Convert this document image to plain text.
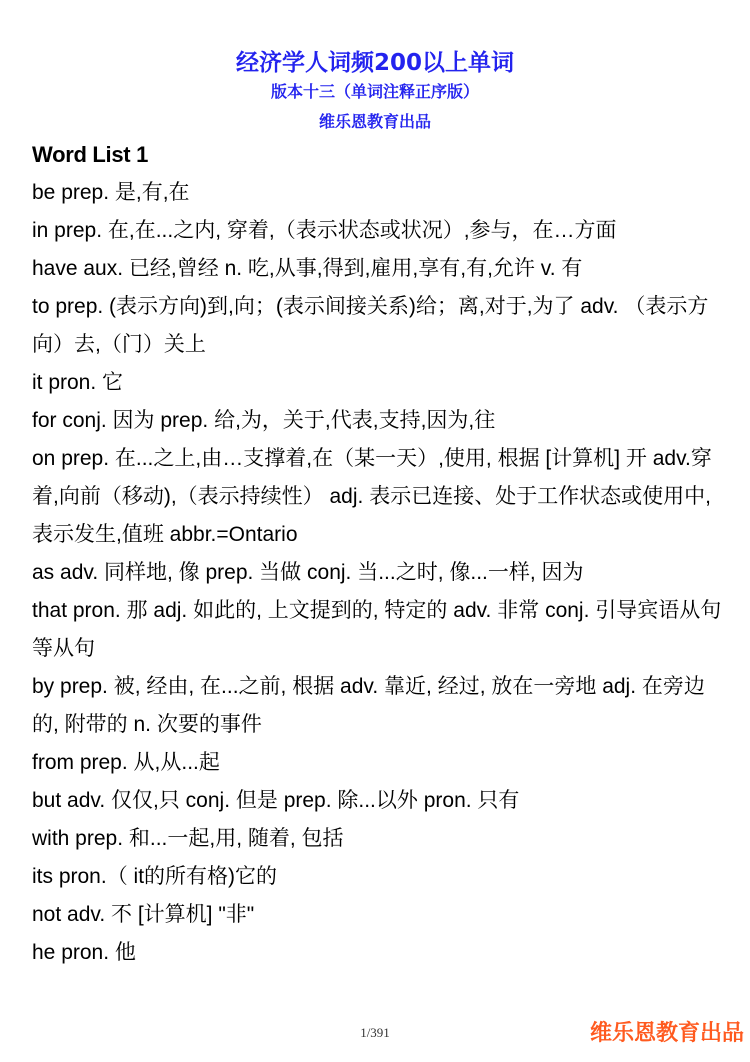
经济学人词频200以上单词
版本十三（单词注释正序版）
维乐恩教育出品
Word List 1

be prep. 是,有,在

in prep. 在,在...之内, 穿着,（表示状态或状况）,参与，在…方面

have aux. 已经,曾经 n. 吃,从事,得到,雇用,享有,有,允许 v. 有

to prep. (表示方向)到,向；(表示间接关系)给；离,对于,为了 adv. （表示方向）去,（门）关上

it pron. 它

for conj. 因为 prep. 给,为，关于,代表,支持,因为,往

on prep. 在...之上,由…支撑着,在（某一天）,使用, 根据 [计算机] 开 adv.穿着,向前（移动),（表示持续性） adj. 表示已连接、处于工作状态或使用中,表示发生,值班 abbr.=Ontario

as adv. 同样地, 像 prep. 当做 conj. 当...之时, 像...一样, 因为

that pron. 那 adj. 如此的, 上文提到的, 特定的 adv. 非常 conj. 引导宾语从句等从句

by prep. 被, 经由, 在...之前, 根据 adv. 靠近, 经过, 放在一旁地 adj. 在旁边的, 附带的 n. 次要的事件

from prep. 从,从...起

but adv. 仅仅,只 conj. 但是 prep. 除...以外 pron. 只有

with prep. 和...一起,用, 随着, 包括

its pron.（ it的所有格)它的

not adv. 不 [计算机] "非"

he pron. 他

1/391	维乐恩教育出品
